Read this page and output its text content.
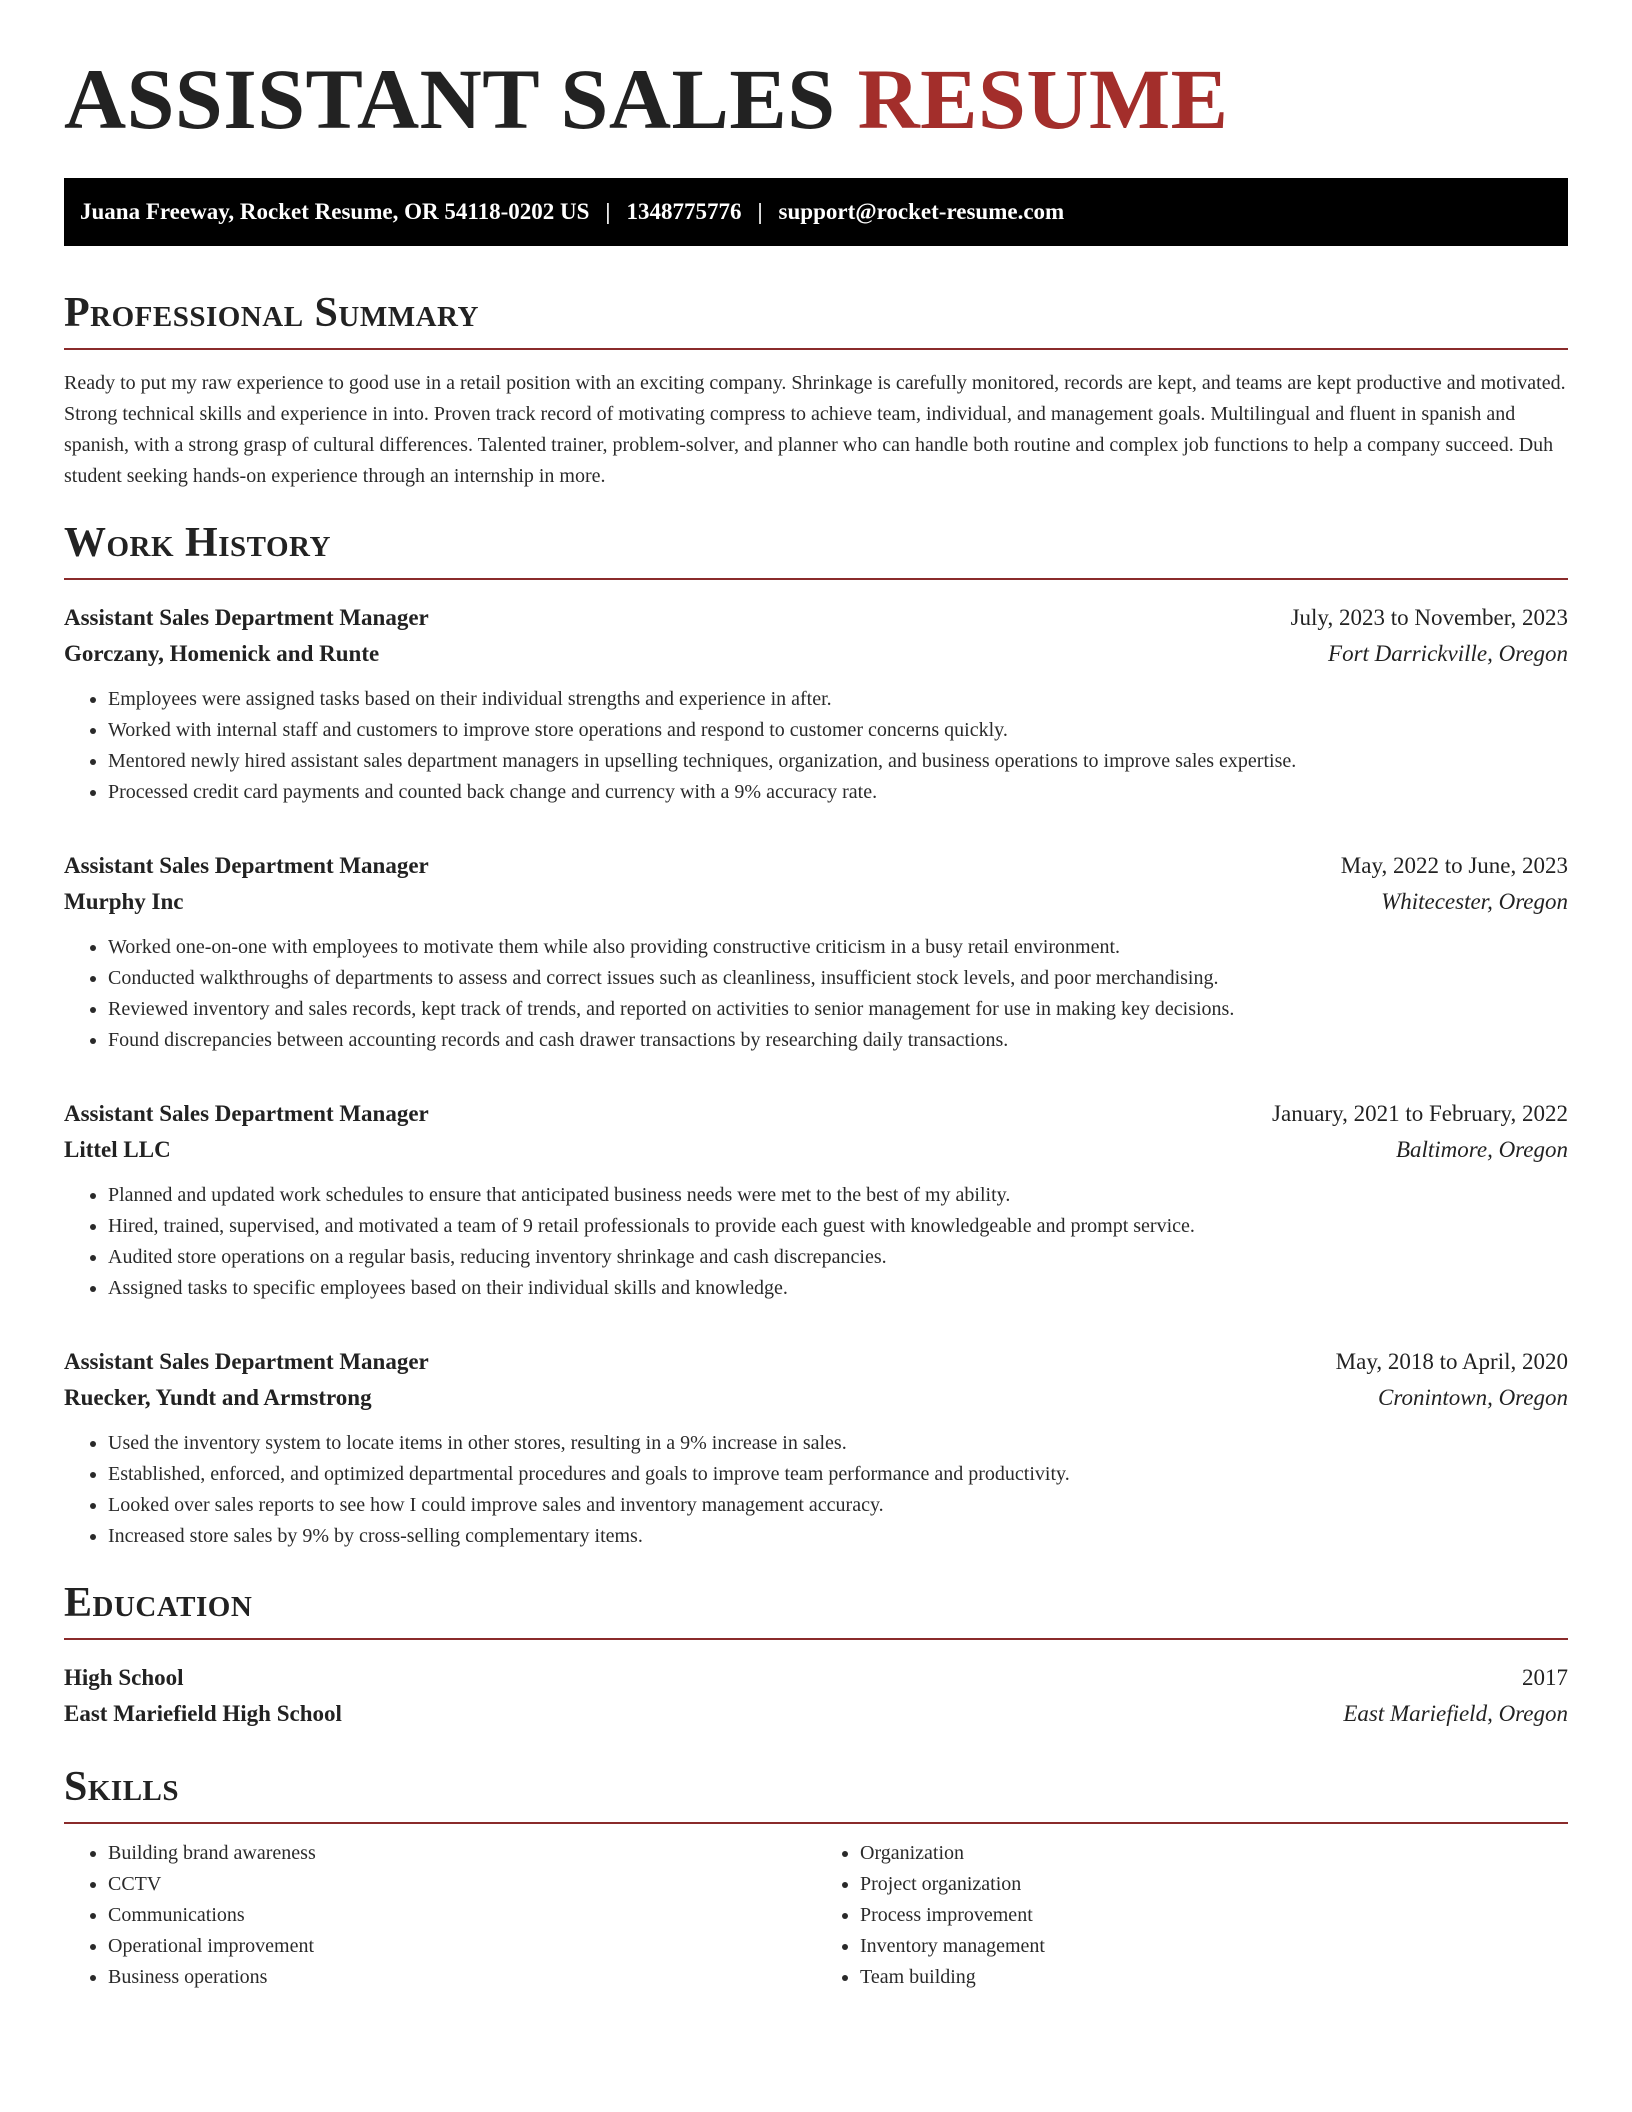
ASSISTANT SALES RESUME
Juana Freeway, Rocket Resume, OR 54118-0202 US | 1348775776 | support@rocket-resume.com
Professional Summary

Ready to put my raw experience to good use in a retail position with an exciting company. Shrinkage is carefully monitored, records are kept, and teams are kept productive and motivated. Strong technical skills and experience in into. Proven track record of motivating compress to achieve team, individual, and management goals. Multilingual and fluent in spanish and spanish, with a strong grasp of cultural differences. Talented trainer, problem-solver, and planner who can handle both routine and complex job functions to help a company succeed. Duh student seeking hands-on experience through an internship in more.

Work History
Assistant Sales Department Manager	July, 2023 to November, 2023
Gorczany, Homenick and Runte	Fort Darrickville, Oregon
• Employees were assigned tasks based on their individual strengths and experience in after.
• Worked with internal staff and customers to improve store operations and respond to customer concerns quickly.
• Mentored newly hired assistant sales department managers in upselling techniques, organization, and business operations to improve sales expertise.
• Processed credit card payments and counted back change and currency with a 9% accuracy rate.
Assistant Sales Department Manager	May, 2022 to June, 2023
Murphy Inc	Whitecester, Oregon
• Worked one-on-one with employees to motivate them while also providing constructive criticism in a busy retail environment.
• Conducted walkthroughs of departments to assess and correct issues such as cleanliness, insufficient stock levels, and poor merchandising.
• Reviewed inventory and sales records, kept track of trends, and reported on activities to senior management for use in making key decisions.
• Found discrepancies between accounting records and cash drawer transactions by researching daily transactions.
Assistant Sales Department Manager	January, 2021 to February, 2022
Littel LLC	Baltimore, Oregon
• Planned and updated work schedules to ensure that anticipated business needs were met to the best of my ability.
• Hired, trained, supervised, and motivated a team of 9 retail professionals to provide each guest with knowledgeable and prompt service.
• Audited store operations on a regular basis, reducing inventory shrinkage and cash discrepancies.
• Assigned tasks to specific employees based on their individual skills and knowledge.
Assistant Sales Department Manager	May, 2018 to April, 2020
Ruecker, Yundt and Armstrong	Cronintown, Oregon
• Used the inventory system to locate items in other stores, resulting in a 9% increase in sales.
• Established, enforced, and optimized departmental procedures and goals to improve team performance and productivity.
• Looked over sales reports to see how I could improve sales and inventory management accuracy.
• Increased store sales by 9% by cross-selling complementary items.
Education
High School	2017
East Mariefield High School	East Mariefield, Oregon
Skills
• Building brand awareness
• CCTV
• Communications
• Operational improvement
• Business operations
• Organization
• Project organization
• Process improvement
• Inventory management
• Team building
